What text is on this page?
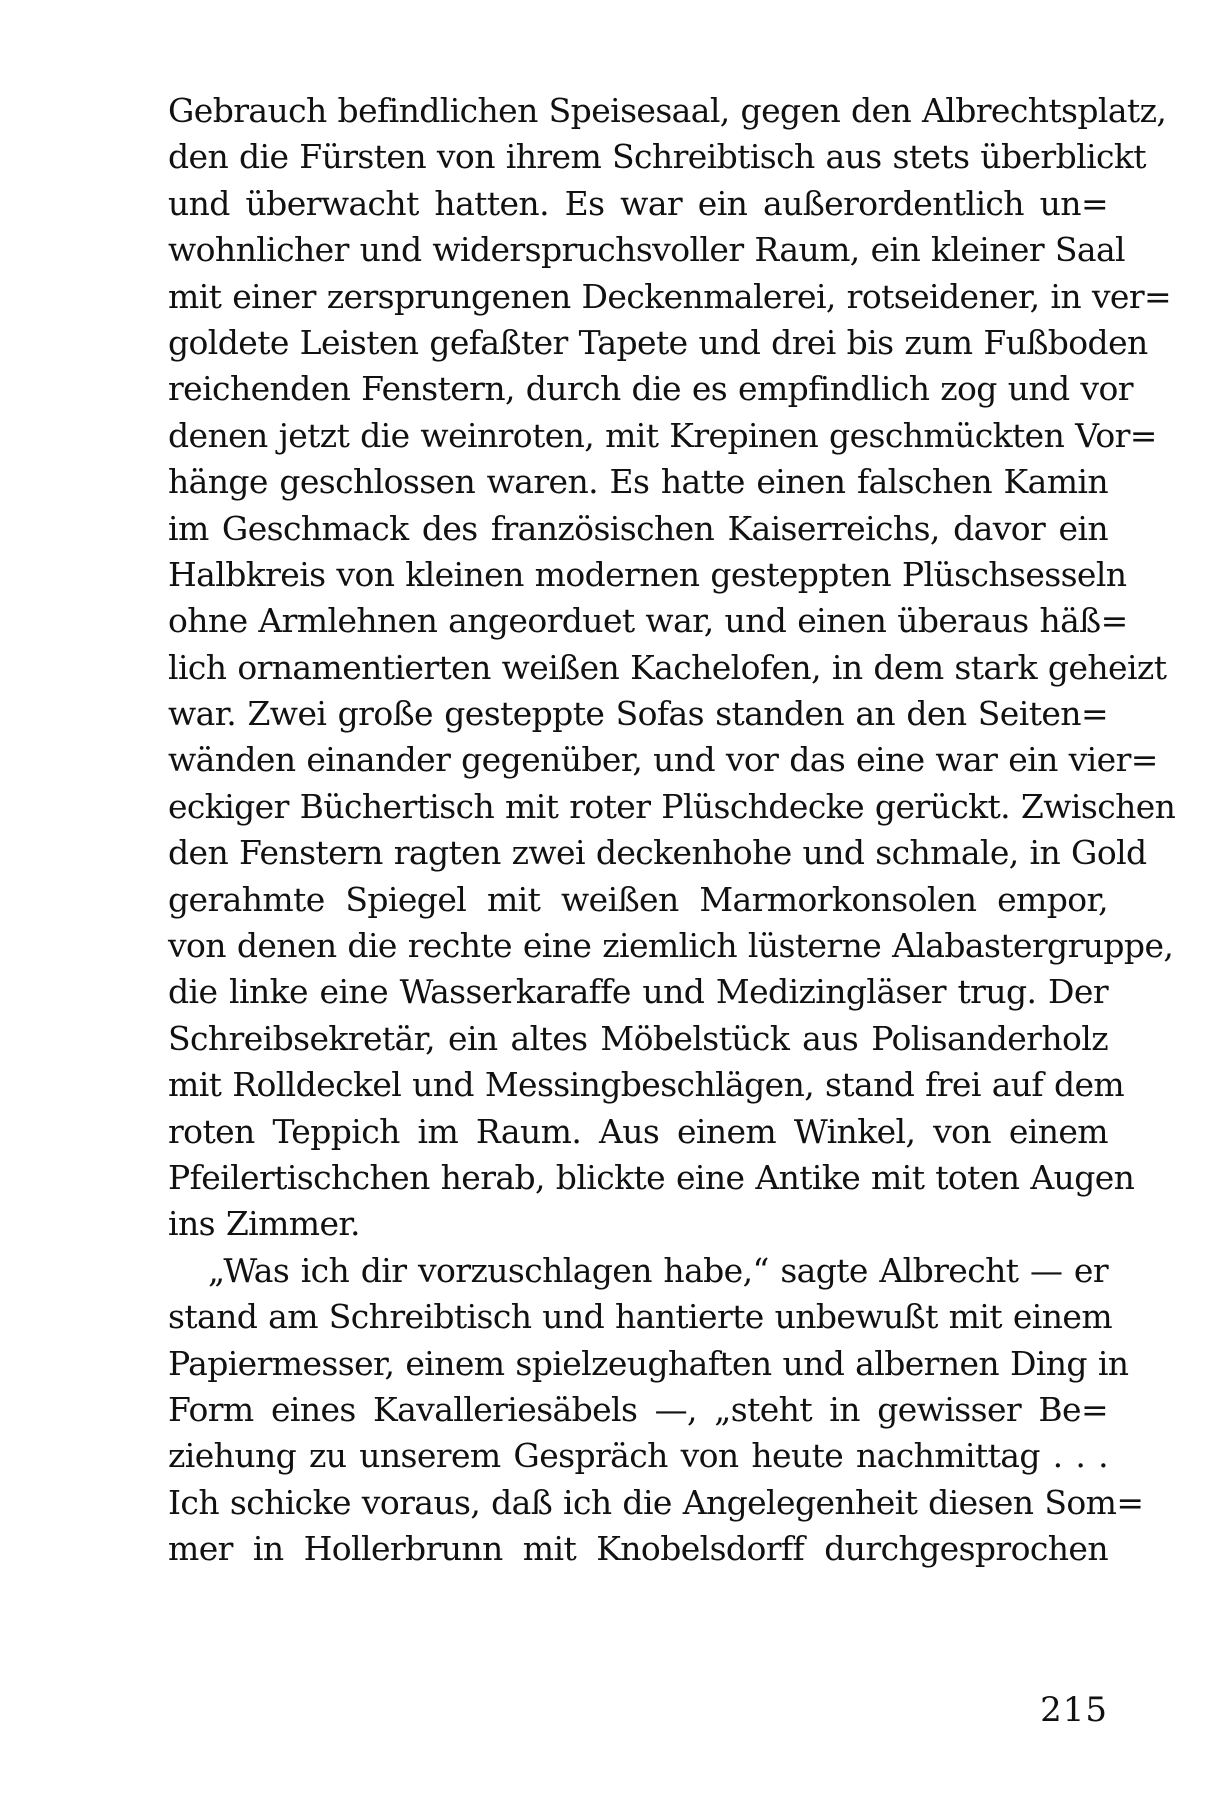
Gebrauch befindlichen Speisesaal, gegen den Albrechtsplatz,
den die Fürsten von ihrem Schreibtisch aus stets überblickt
und überwacht hatten. Es war ein außerordentlich un=
wohnlicher und widerspruchsvoller Raum, ein kleiner Saal
mit einer zersprungenen Deckenmalerei, rotseidener, in ver=
goldete Leisten gefaßter Tapete und drei bis zum Fußboden
reichenden Fenstern, durch die es empfindlich zog und vor
denen jetzt die weinroten, mit Krepinen geschmückten Vor=
hänge geschlossen waren. Es hatte einen falschen Kamin
im Geschmack des französischen Kaiserreichs, davor ein
Halbkreis von kleinen modernen gesteppten Plüschsesseln
ohne Armlehnen angeorduet war, und einen überaus häß=
lich ornamentierten weißen Kachelofen, in dem stark geheizt
war. Zwei große gesteppte Sofas standen an den Seiten=
wänden einander gegenüber, und vor das eine war ein vier=
eckiger Büchertisch mit roter Plüschdecke gerückt. Zwischen
den Fenstern ragten zwei deckenhohe und schmale, in Gold
gerahmte Spiegel mit weißen Marmorkonsolen empor,
von denen die rechte eine ziemlich lüsterne Alabastergruppe,
die linke eine Wasserkaraffe und Medizingläser trug. Der
Schreibsekretär, ein altes Möbelstück aus Polisanderholz
mit Rolldeckel und Messingbeschlägen, stand frei auf dem
roten Teppich im Raum. Aus einem Winkel, von einem
Pfeilertischchen herab, blickte eine Antike mit toten Augen
ins Zimmer.
„Was ich dir vorzuschlagen habe,“ sagte Albrecht — er
stand am Schreibtisch und hantierte unbewußt mit einem
Papiermesser, einem spielzeughaften und albernen Ding in
Form eines Kavalleriesäbels —, „steht in gewisser Be=
ziehung zu unserem Gespräch von heute nachmittag . . .
Ich schicke voraus, daß ich die Angelegenheit diesen Som=
mer in Hollerbrunn mit Knobelsdorff durchgesprochen
215
